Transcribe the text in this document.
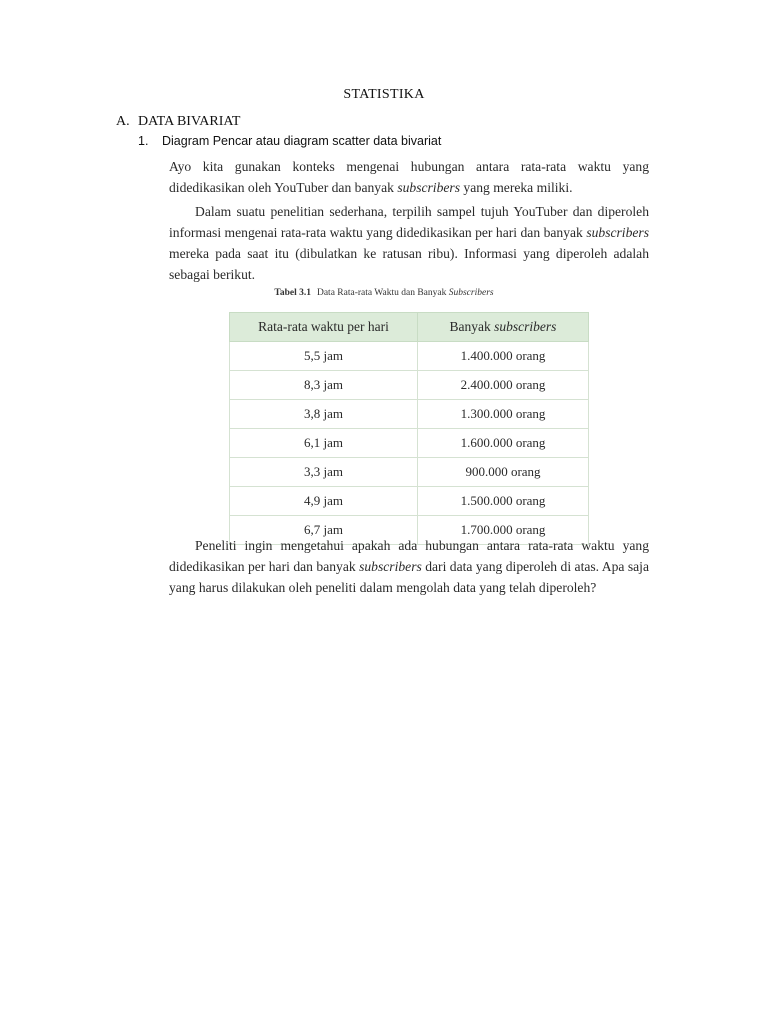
STATISTIKA
A. DATA BIVARIAT
1. Diagram Pencar atau diagram scatter data bivariat
Ayo kita gunakan konteks mengenai hubungan antara rata-rata waktu yang didedikasikan oleh YouTuber dan banyak subscribers yang mereka miliki.
Dalam suatu penelitian sederhana, terpilih sampel tujuh YouTuber dan diperoleh informasi mengenai rata-rata waktu yang didedikasikan per hari dan banyak subscribers mereka pada saat itu (dibulatkan ke ratusan ribu). Informasi yang diperoleh adalah sebagai berikut.
Tabel 3.1 Data Rata-rata Waktu dan Banyak Subscribers
Rata-rata waktu per hari	Banyak subscribers
5,5 jam	1.400.000 orang
8,3 jam	2.400.000 orang
3,8 jam	1.300.000 orang
6,1 jam	1.600.000 orang
3,3 jam	900.000 orang
4,9 jam	1.500.000 orang
6,7 jam	1.700.000 orang
Peneliti ingin mengetahui apakah ada hubungan antara rata-rata waktu yang didedikasikan per hari dan banyak subscribers dari data yang diperoleh di atas. Apa saja yang harus dilakukan oleh peneliti dalam mengolah data yang telah diperoleh?
